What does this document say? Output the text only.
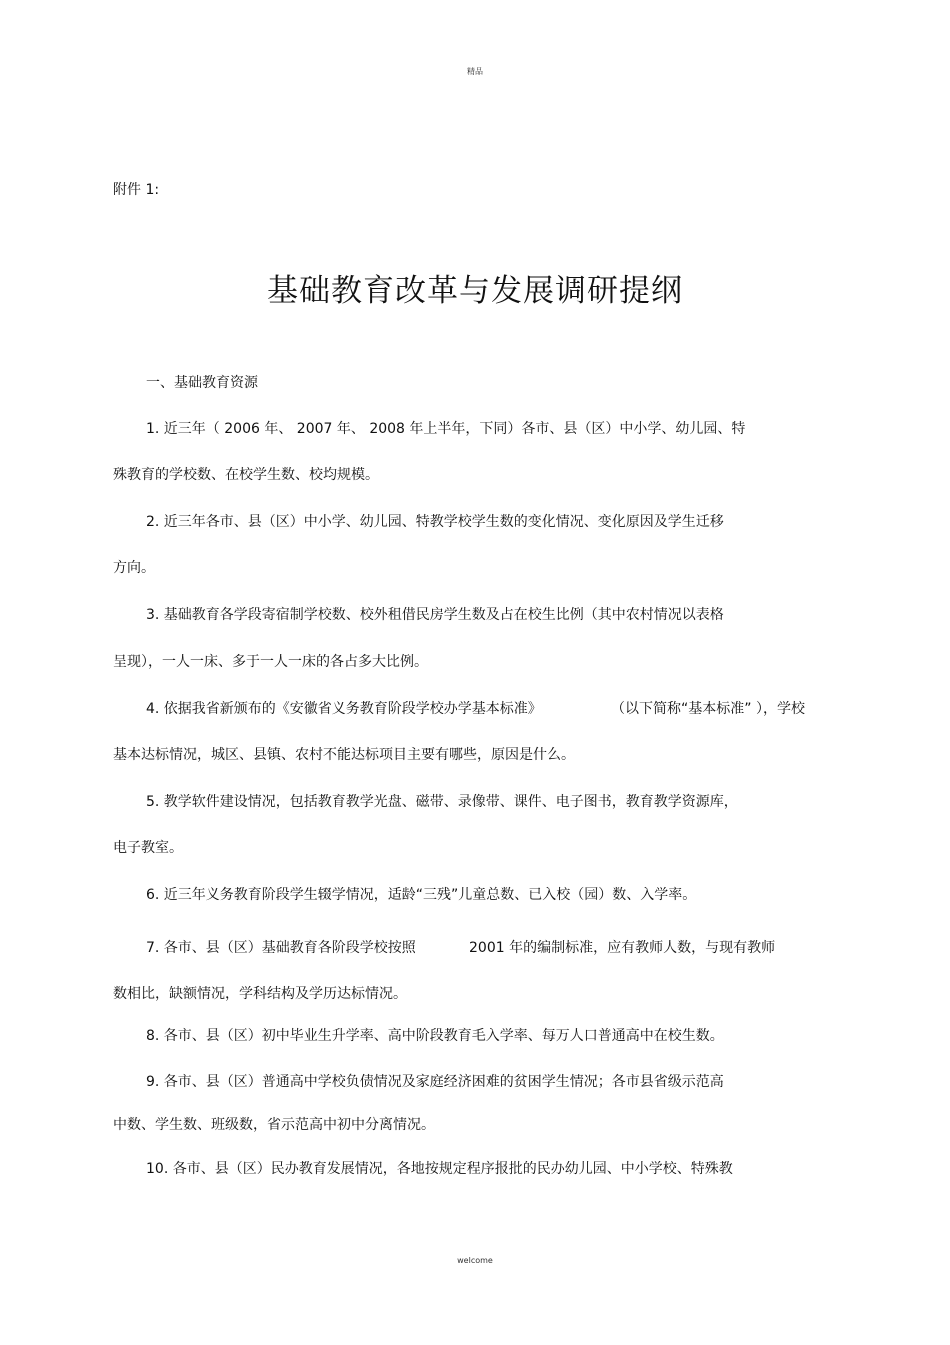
精品
附件 1:
基础教育改革与发展调研提纲
一、基础教育资源
1. 近三年（ 2006 年、 2007 年、 2008 年上半年，下同）各市、县（区）中小学、幼儿园、特
殊教育的学校数、在校学生数、校均规模。
2. 近三年各市、县（区）中小学、幼儿园、特教学校学生数的变化情况、变化原因及学生迁移
方向。
3. 基础教育各学段寄宿制学校数、校外租借民房学生数及占在校生比例（其中农村情况以表格
呈现），一人一床、多于一人一床的各占多大比例。
4. 依据我省新颁布的《安徽省义务教育阶段学校办学基本标准》	（以下简称“基本标准” ），学校
基本达标情况，城区、县镇、农村不能达标项目主要有哪些，原因是什么。
5. 教学软件建设情况，包括教育教学光盘、磁带、录像带、课件、电子图书，教育教学资源库，
电子教室。
6. 近三年义务教育阶段学生辍学情况，适龄“三残”儿童总数、已入校（园）数、入学率。
7. 各市、县（区）基础教育各阶段学校按照	2001 年的编制标准，应有教师人数，与现有教师
数相比，缺额情况，学科结构及学历达标情况。
8. 各市、县（区）初中毕业生升学率、高中阶段教育毛入学率、每万人口普通高中在校生数。
9. 各市、县（区）普通高中学校负债情况及家庭经济困难的贫困学生情况；各市县省级示范高
中数、学生数、班级数，省示范高中初中分离情况。
10. 各市、县（区）民办教育发展情况，各地按规定程序报批的民办幼儿园、中小学校、特殊教
welcome
